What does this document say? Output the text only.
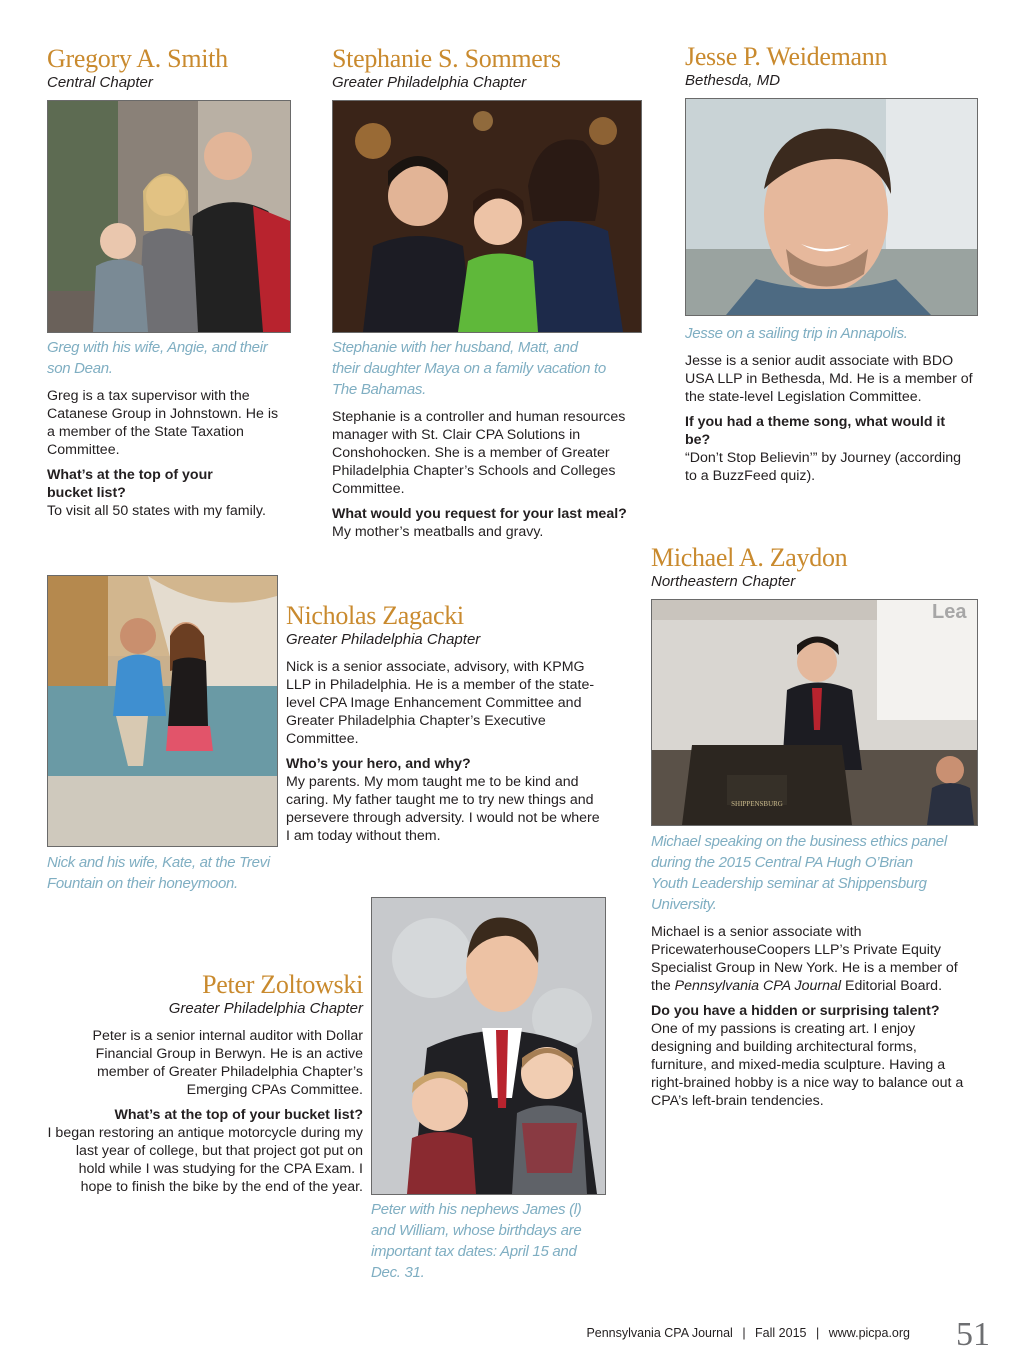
Gregory A. Smith

Central Chapter

Greg with his wife, Angie, and their son Dean.

Greg is a tax supervisor with the Catanese Group in Johnstown. He is a member of the State Taxation Committee.

What’s at the top of your bucket list?

To visit all 50 states with my family.

Stephanie S. Sommers

Greater Philadelphia Chapter

Stephanie with her husband, Matt, and their daughter Maya on a family vacation to The Bahamas.

Stephanie is a controller and human resources manager with St. Clair CPA Solutions in Conshohocken. She is a member of Greater Philadelphia Chapter’s Schools and Colleges Committee.

What would you request for your last meal?

My mother’s meatballs and gravy.

Jesse P. Weidemann

Bethesda, MD

Jesse on a sailing trip in Annapolis.

Jesse is a senior audit associate with BDO USA LLP in Bethesda, Md. He is a member of the state-level Legislation Committee.

If you had a theme song, what would it be?

“Don’t Stop Believin’” by Journey (according to a BuzzFeed quiz).

Nick and his wife, Kate, at the Trevi Fountain on their honeymoon.

Nicholas Zagacki

Greater Philadelphia Chapter

Nick is a senior associate, advisory, with KPMG LLP in Philadelphia. He is a member of the state-level CPA Image Enhancement Committee and Greater Philadelphia Chapter’s Executive Committee.

Who’s your hero, and why?

My parents. My mom taught me to be kind and caring. My father taught me to try new things and persevere through adversity. I would not be where I am today without them.

Michael A. Zaydon

Northeastern Chapter

Lea
SHIPPENSBURG

Michael speaking on the business ethics panel during the 2015 Central PA Hugh O’Brian Youth Leadership seminar at Shippensburg University.

Michael is a senior associate with PricewaterhouseCoopers LLP’s Private Equity Specialist Group in New York. He is a member of the Pennsylvania CPA Journal Editorial Board.

Do you have a hidden or surprising talent?

One of my passions is creating art. I enjoy designing and building architectural forms, furniture, and mixed-media sculpture. Having a right-brained hobby is a nice way to balance out a CPA’s left-brain tendencies.

Peter Zoltowski

Greater Philadelphia Chapter

Peter is a senior internal auditor with Dollar Financial Group in Berwyn. He is an active member of Greater Philadelphia Chapter’s Emerging CPAs Committee.

What’s at the top of your bucket list?

I began restoring an antique motorcycle during my last year of college, but that project got put on hold while I was studying for the CPA Exam. I hope to finish the bike by the end of the year.

Peter with his nephews James (l) and William, whose birthdays are important tax dates: April 15 and Dec. 31.

Pennsylvania CPA Journal | Fall 2015 | www.picpa.org 51
